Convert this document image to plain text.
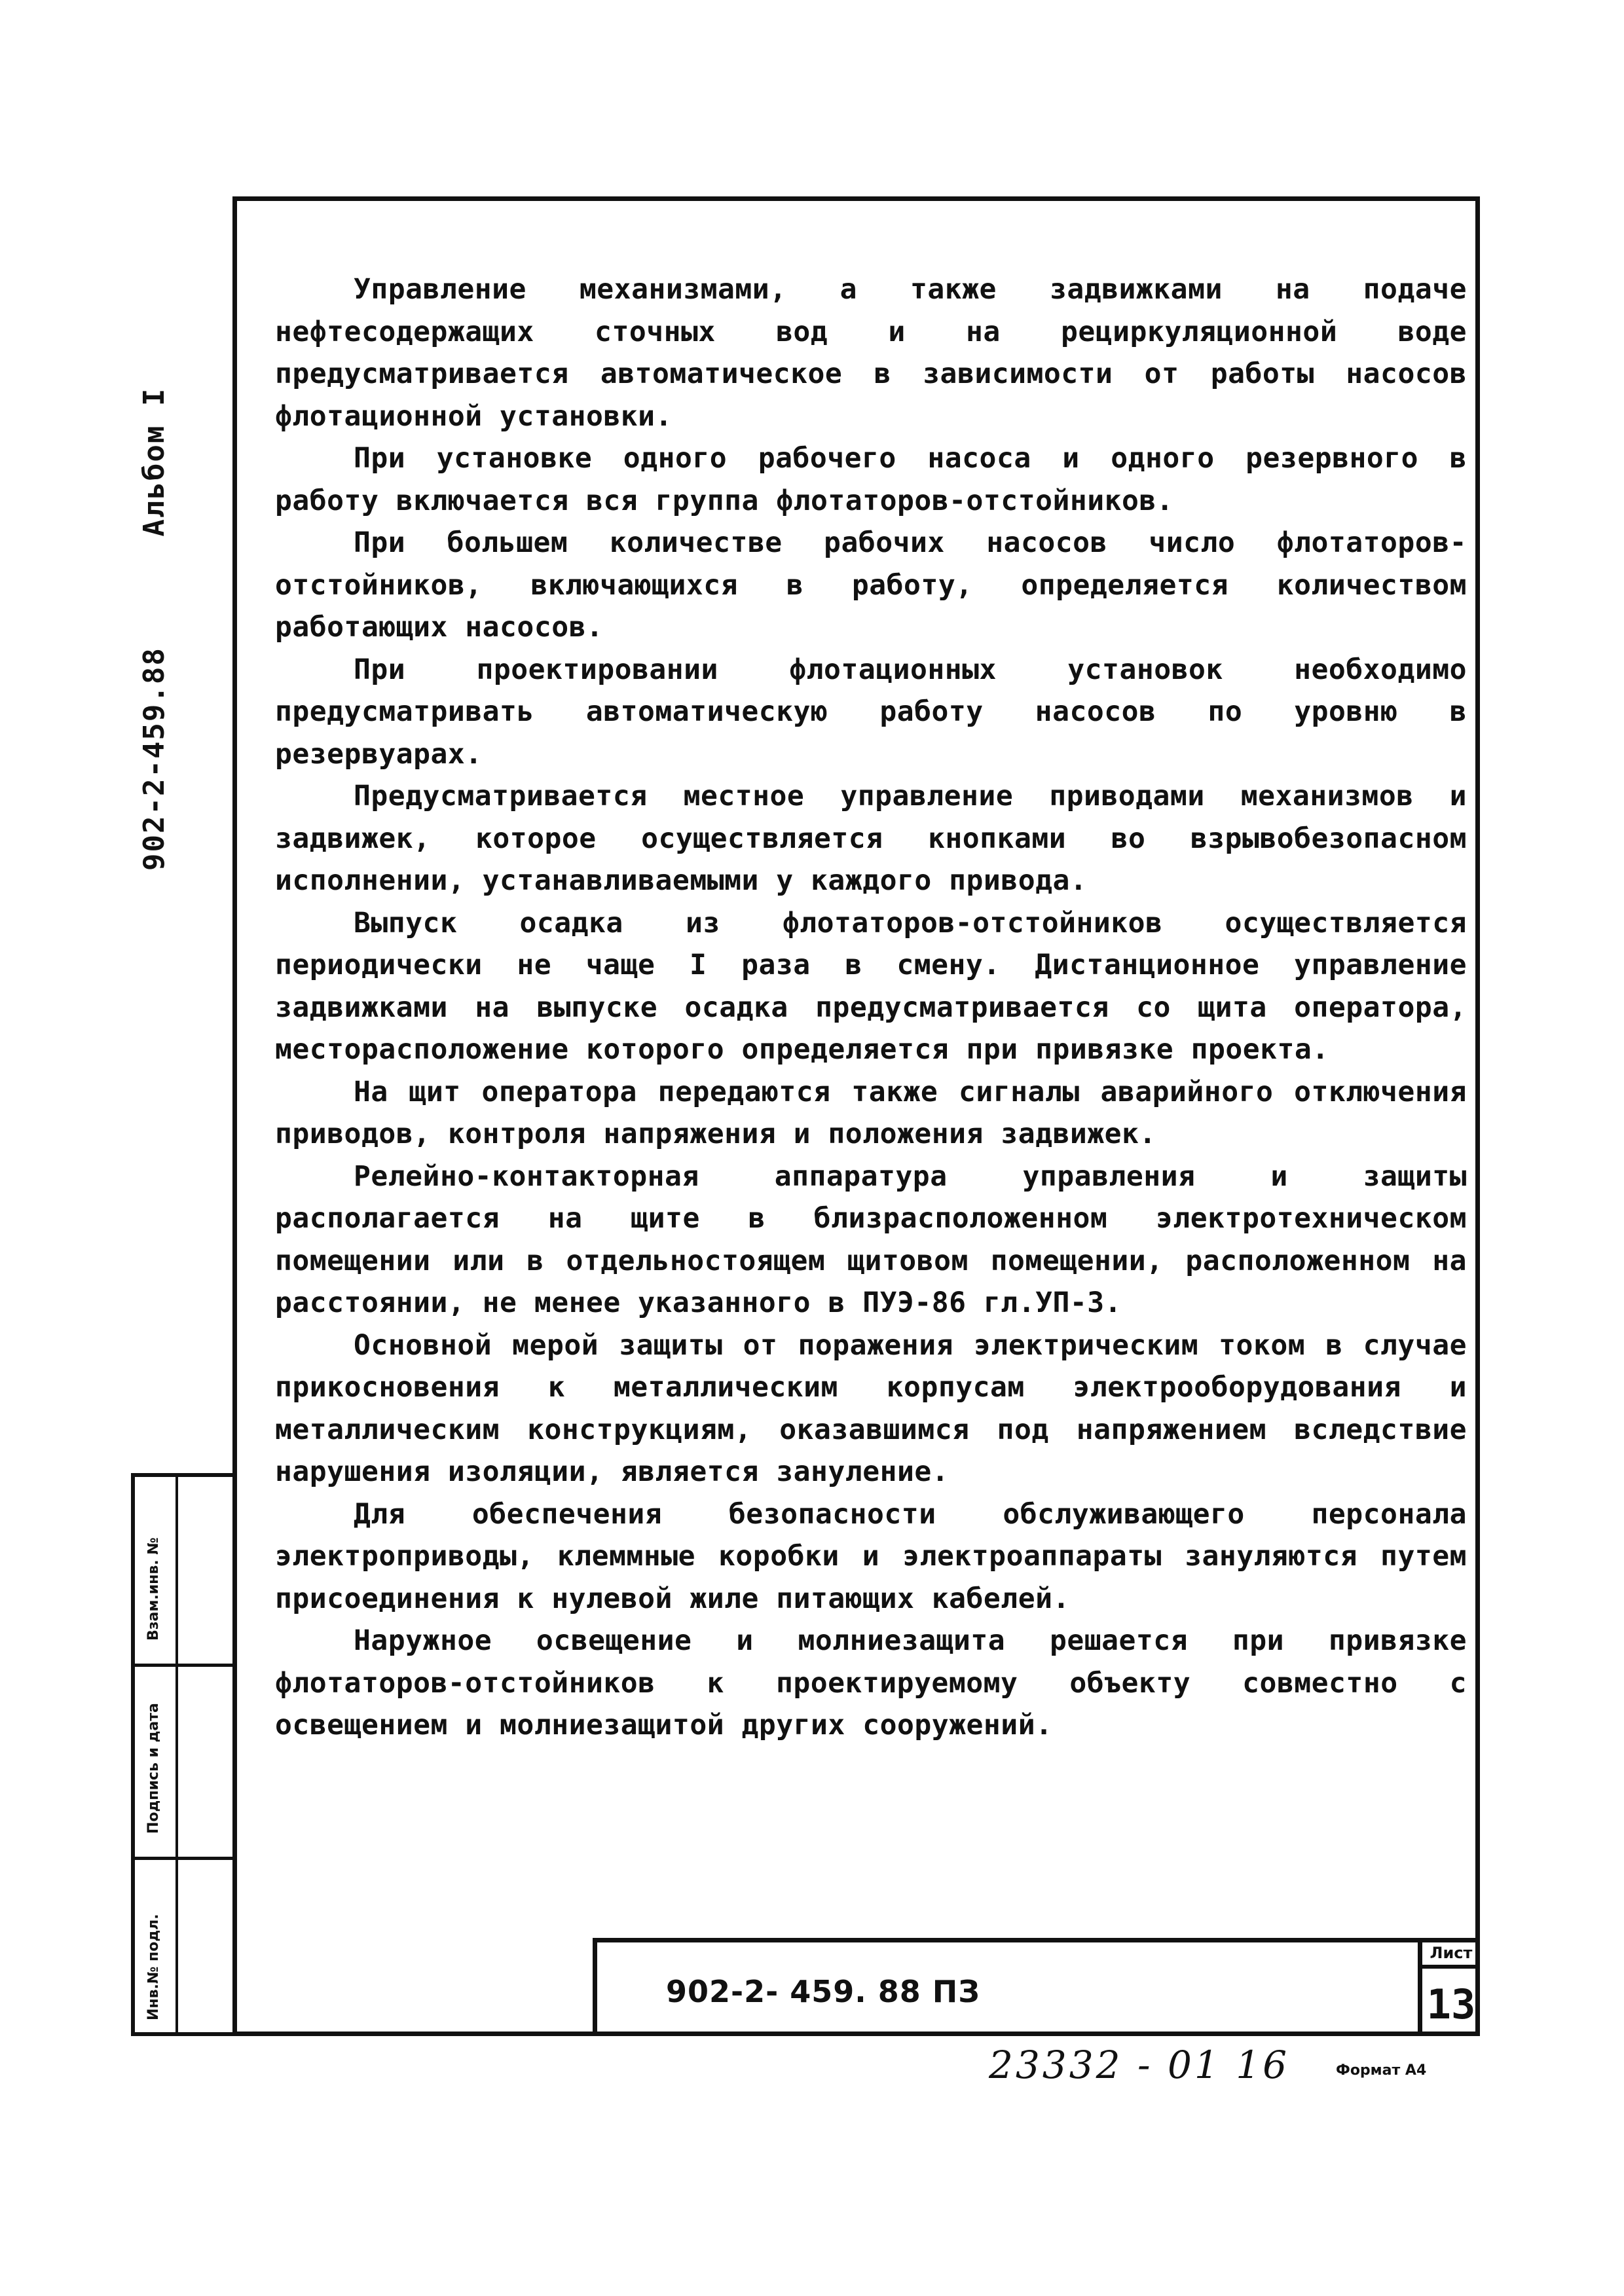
902-2-459.88 Альбом I
Взам.инв. №
Подпись и дата
Инв.№ подл.

Управление механизмами, а также задвижками на подаче нефтесодержащих сточных вод и на рециркуляционной воде предусматривается автоматическое в зависимости от работы насосов флотационной установки.

При установке одного рабочего насоса и одного резервного в работу включается вся группа флотаторов-отстойников.

При большем количестве рабочих насосов число флотаторов-отстойников, включающихся в работу, определяется количеством работающих насосов.

При проектировании флотационных установок необходимо предусматривать автоматическую работу насосов по уровню в резервуарах.

Предусматривается местное управление приводами механизмов и задвижек, которое осуществляется кнопками во взрывобезопасном исполнении, устанавливаемыми у каждого привода.

Выпуск осадка из флотаторов-отстойников осуществляется периодически не чаще I раза в смену. Дистанционное управление задвижками на выпуске осадка предусматривается со щита оператора, месторасположение которого определяется при привязке проекта.

На щит оператора передаются также сигналы аварийного отключения приводов, контроля напряжения и положения задвижек.

Релейно-контакторная аппаратура управления и защиты располагается на щите в близрасположенном электротехническом помещении или в отдельностоящем щитовом помещении, расположенном на расстоянии, не менее указанного в ПУЭ-86 гл.УП-3.

Основной мерой защиты от поражения электрическим током в случае прикосновения к металлическим корпусам электрооборудования и металлическим конструкциям, оказавшимся под напряжением вследствие нарушения изоляции, является зануление.

Для обеспечения безопасности обслуживающего персонала электроприводы, клеммные коробки и электроаппараты зануляются путем присоединения к нулевой жиле питающих кабелей.

Наружное освещение и молниезащита решается при привязке флотаторов-отстойников к проектируемому объекту совместно с освещением и молниезащитой других сооружений.

902-2- 459. 88 ПЗ
Лист
13
23332 - 01 16	Формат А4
